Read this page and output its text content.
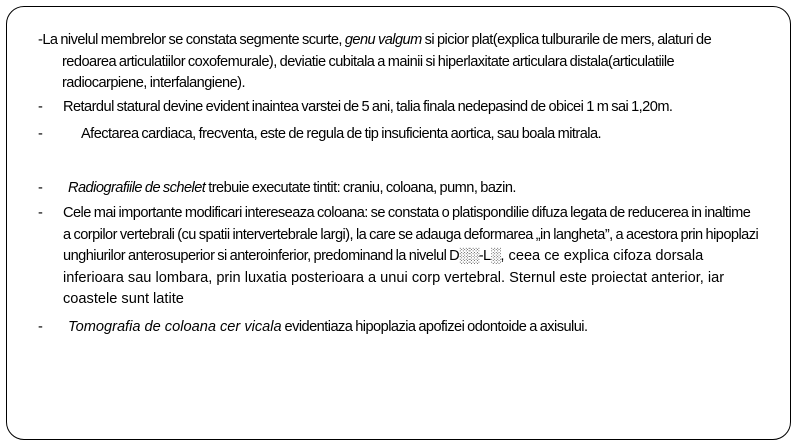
-La nivelul membrelor se constata segmente scurte, genu valgum si picior plat(explica tulburarile de mers, alaturi de redoarea articulatiilor coxofemurale), deviatie cubitala a mainii si hiperlaxitate articulara distala(articulatiile radiocarpiene, interfalangiene).

- Retardul statural devine evident inaintea varstei de 5 ani, talia finala nedepasind de obicei 1 m sai 1,20m.

-	Afectarea cardiaca, frecventa, este de regula de tip insuficienta aortica, sau boala mitrala.

- Radiografiile de schelet trebuie executate tintit: craniu, coloana, pumn, bazin.

- Cele mai importante modificari intereseaza coloana: se constata o platispondilie difuza legata de reducerea in inaltime a corpilor vertebrali (cu spatii intervertebrale largi), la care se adauga deformarea „in langheta”, a acestora prin hipoplazi unghiurilor anterosuperior si anteroinferior, predominand la nivelul D░░-L░, ceea ce explica cifoza dorsala inferioara sau lombara, prin luxatia posterioara a unui corp vertebral. Sternul este proiectat anterior, iar coastele sunt latite

- Tomografia de coloana cer vicala evidentiaza hipoplazia apofizei odontoide a axisului.
